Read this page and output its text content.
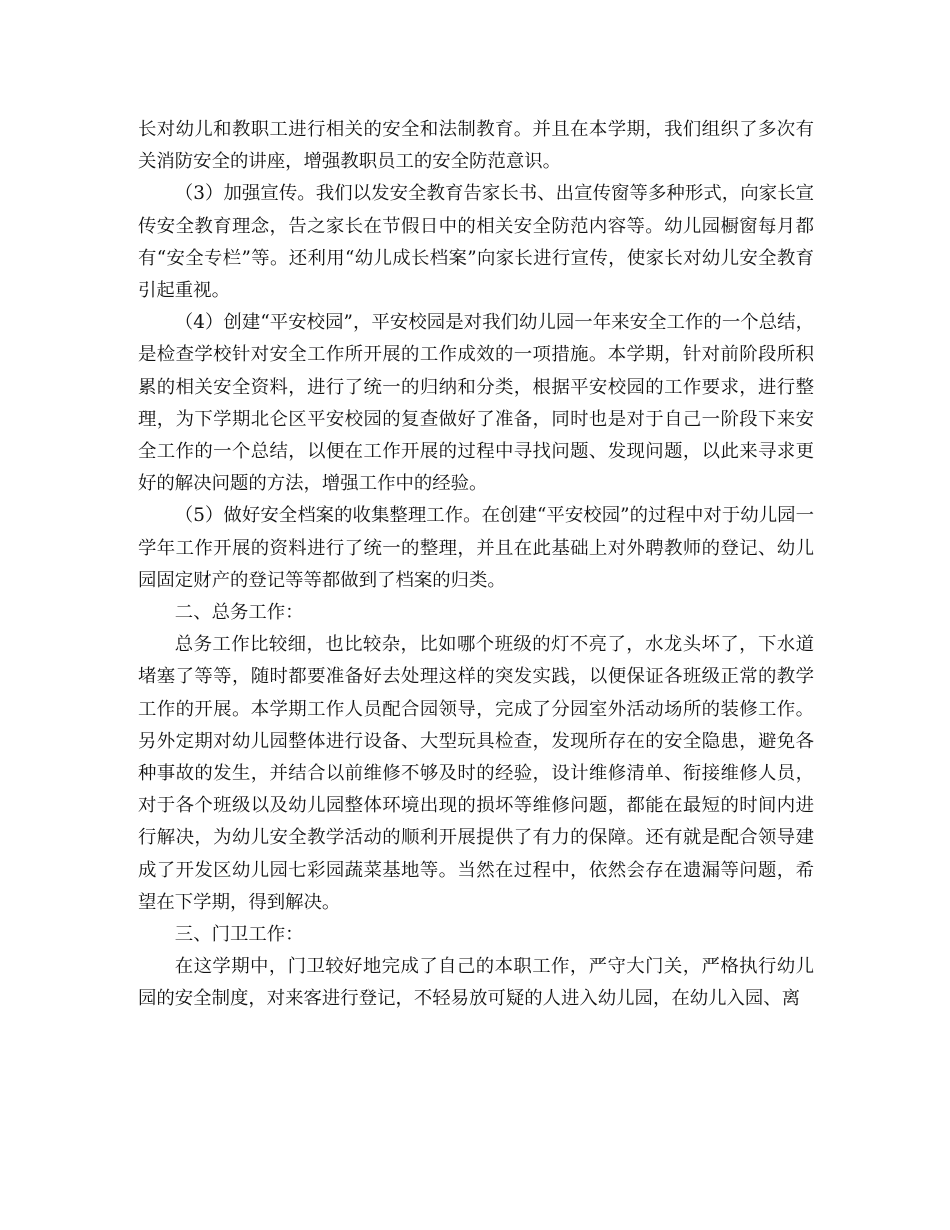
长对幼儿和教职工进行相关的安全和法制教育。并且在本学期，我们组织了多次有关消防安全的讲座，增强教职员工的安全防范意识。

（3）加强宣传。我们以发安全教育告家长书、出宣传窗等多种形式，向家长宣传安全教育理念，告之家长在节假日中的相关安全防范内容等。幼儿园橱窗每月都有“安全专栏”等。还利用“幼儿成长档案”向家长进行宣传，使家长对幼儿安全教育引起重视。

（4）创建“平安校园”，平安校园是对我们幼儿园一年来安全工作的一个总结，是检查学校针对安全工作所开展的工作成效的一项措施。本学期，针对前阶段所积累的相关安全资料，进行了统一的归纳和分类，根据平安校园的工作要求，进行整理，为下学期北仑区平安校园的复查做好了准备，同时也是对于自己一阶段下来安全工作的一个总结，以便在工作开展的过程中寻找问题、发现问题，以此来寻求更好的解决问题的方法，增强工作中的经验。

（5）做好安全档案的收集整理工作。在创建“平安校园”的过程中对于幼儿园一学年工作开展的资料进行了统一的整理，并且在此基础上对外聘教师的登记、幼儿园固定财产的登记等等都做到了档案的归类。

二、总务工作：

总务工作比较细，也比较杂，比如哪个班级的灯不亮了，水龙头坏了，下水道堵塞了等等，随时都要准备好去处理这样的突发实践，以便保证各班级正常的教学工作的开展。本学期工作人员配合园领导，完成了分园室外活动场所的装修工作。另外定期对幼儿园整体进行设备、大型玩具检查，发现所存在的安全隐患，避免各种事故的发生，并结合以前维修不够及时的经验，设计维修清单、衔接维修人员，对于各个班级以及幼儿园整体环境出现的损坏等维修问题，都能在最短的时间内进行解决，为幼儿安全教学活动的顺利开展提供了有力的保障。还有就是配合领导建成了开发区幼儿园七彩园蔬菜基地等。当然在过程中，依然会存在遗漏等问题，希望在下学期，得到解决。

三、门卫工作：

在这学期中，门卫较好地完成了自己的本职工作，严守大门关，严格执行幼儿园的安全制度，对来客进行登记，不轻易放可疑的人进入幼儿园，在幼儿入园、离
